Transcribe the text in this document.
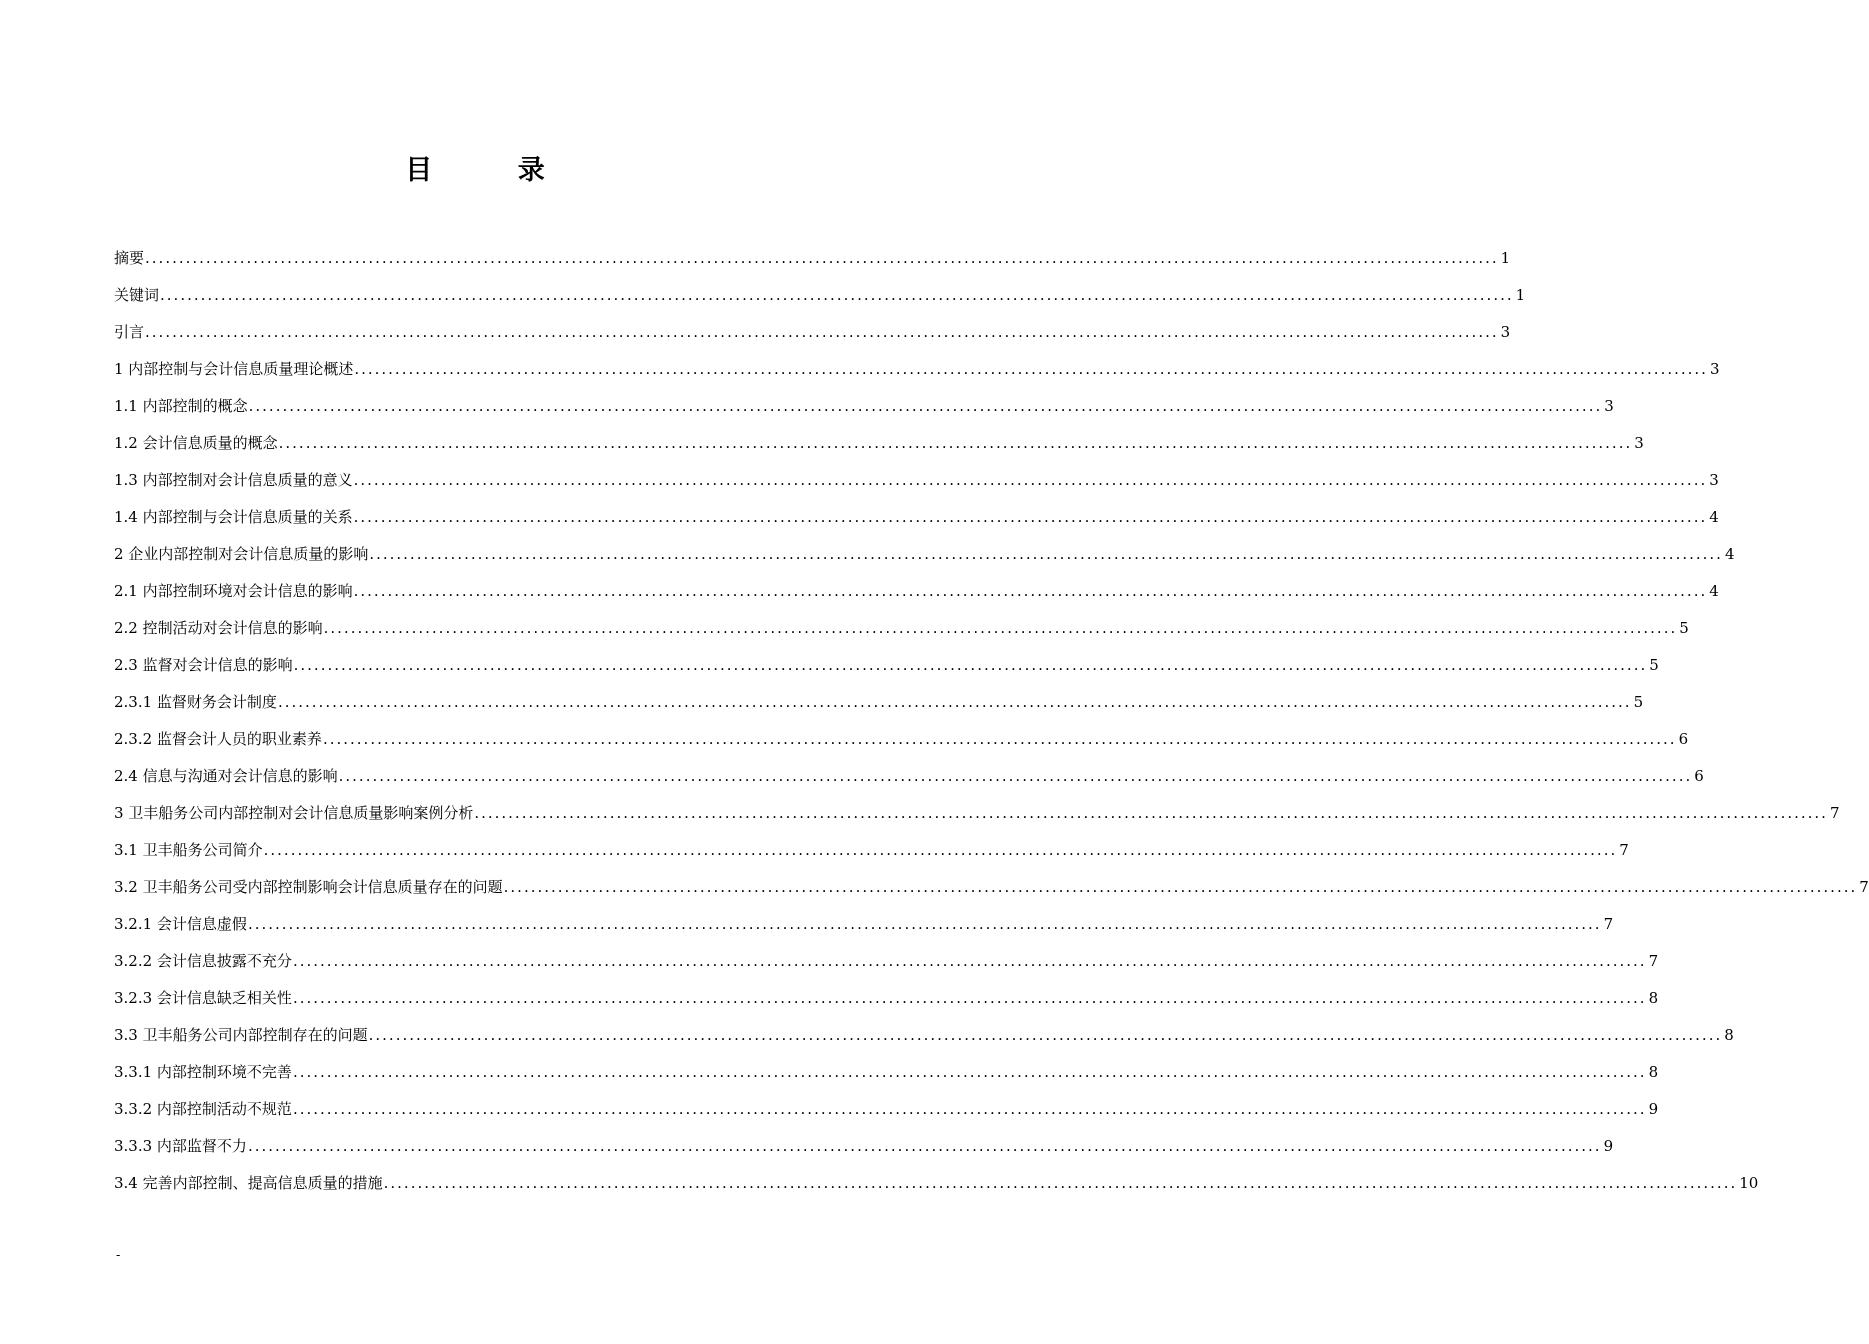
目 录
摘要 ........................................................................................................................................................................................................ 1
关键词 ........................................................................................................................................................................................................ 1
引言 ........................................................................................................................................................................................................ 3
1 内部控制与会计信息质量理论概述 ........................................................................................................................................................................................................ 3
1.1 内部控制的概念 ........................................................................................................................................................................................................ 3
1.2 会计信息质量的概念 ........................................................................................................................................................................................................ 3
1.3 内部控制对会计信息质量的意义 ........................................................................................................................................................................................................ 3
1.4 内部控制与会计信息质量的关系 ........................................................................................................................................................................................................ 4
2 企业内部控制对会计信息质量的影响 ........................................................................................................................................................................................................ 4
2.1 内部控制环境对会计信息的影响 ........................................................................................................................................................................................................ 4
2.2 控制活动对会计信息的影响 ........................................................................................................................................................................................................ 5
2.3 监督对会计信息的影响 ........................................................................................................................................................................................................ 5
2.3.1 监督财务会计制度 ........................................................................................................................................................................................................ 5
2.3.2 监督会计人员的职业素养 ........................................................................................................................................................................................................ 6
2.4 信息与沟通对会计信息的影响 ........................................................................................................................................................................................................ 6
3 卫丰船务公司内部控制对会计信息质量影响案例分析 ........................................................................................................................................................................................................ 7
3.1 卫丰船务公司简介 ........................................................................................................................................................................................................ 7
3.2 卫丰船务公司受内部控制影响会计信息质量存在的问题 ........................................................................................................................................................................................................ 7
3.2.1 会计信息虚假 ........................................................................................................................................................................................................ 7
3.2.2 会计信息披露不充分 ........................................................................................................................................................................................................ 7
3.2.3 会计信息缺乏相关性 ........................................................................................................................................................................................................ 8
3.3 卫丰船务公司内部控制存在的问题 ........................................................................................................................................................................................................ 8
3.3.1 内部控制环境不完善 ........................................................................................................................................................................................................ 8
3.3.2 内部控制活动不规范 ........................................................................................................................................................................................................ 9
3.3.3 内部监督不力 ........................................................................................................................................................................................................ 9
3.4 完善内部控制、提高信息质量的措施 ........................................................................................................................................................................................................ 10
-
